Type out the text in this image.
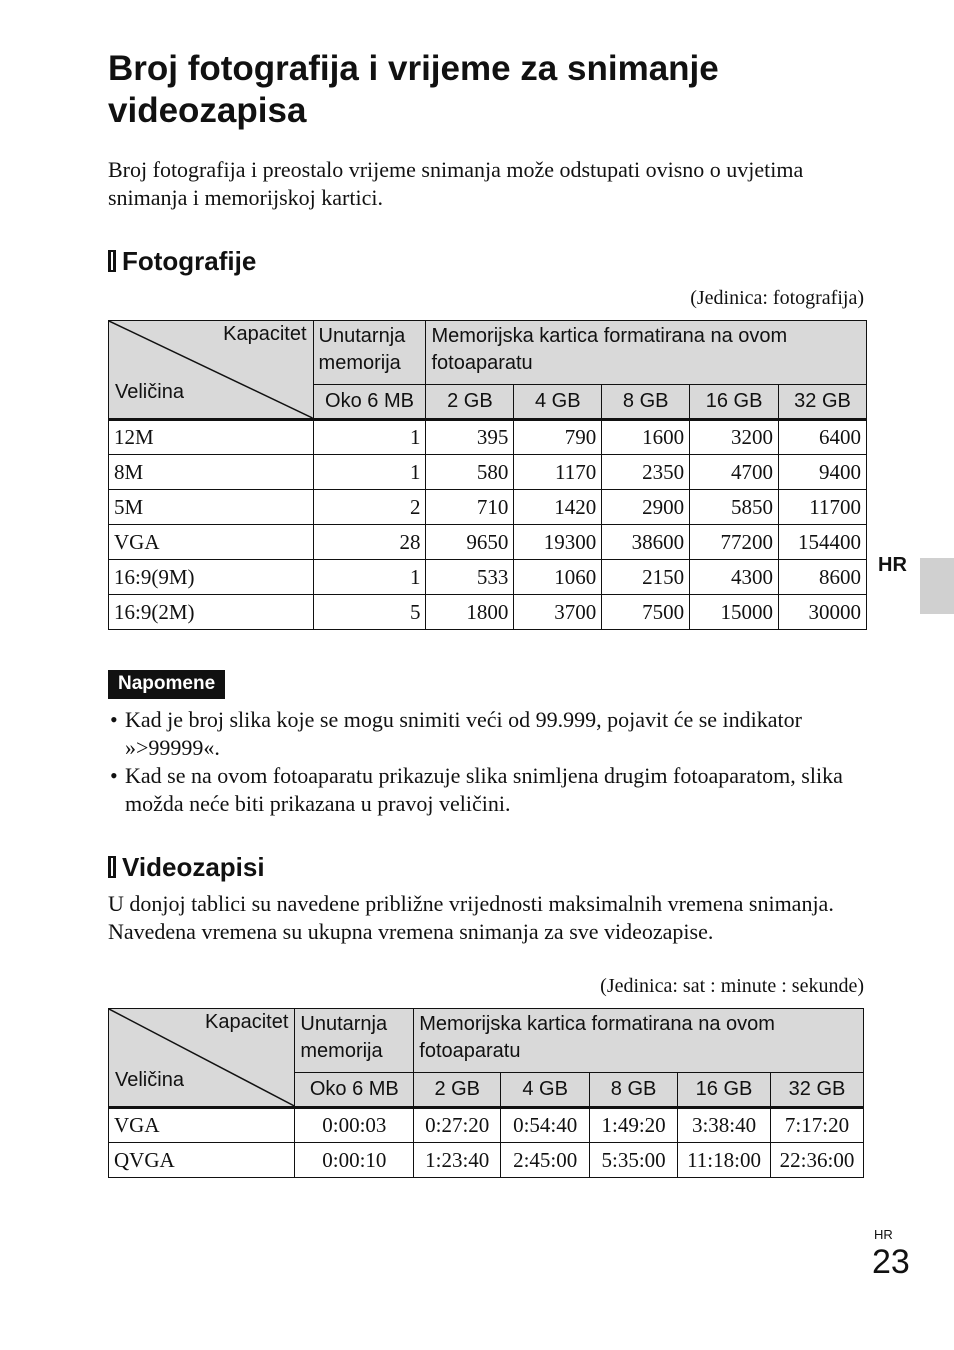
Broj fotografija i vrijeme za snimanje videozapisa

Broj fotografija i preostalo vrijeme snimanja može odstupati ovisno o uvjetima snimanja i memorijskoj kartici.

Fotografije
(Jedinica: fotografija)
Kapacitet
Veličina	Unutarnja memorija	Memorijska kartica formatirana na ovom fotoaparatu				
	Oko 6 MB	2 GB	4 GB	8 GB	16 GB	32 GB
12M	1	395	790	1600	3200	6400
8M	1	580	1170	2350	4700	9400
5M	2	710	1420	2900	5850	11700
VGA	28	9650	19300	38600	77200	154400
16:9(9M)	1	533	1060	2150	4300	8600
16:9(2M)	5	1800	3700	7500	15000	30000
Napomene
• Kad je broj slika koje se mogu snimiti veći od 99.999, pojavit će se indikator »>99999«.
• Kad se na ovom fotoaparatu prikazuje slika snimljena drugim fotoaparatom, slika možda neće biti prikazana u pravoj veličini.
Videozapisi

U donjoj tablici su navedene približne vrijednosti maksimalnih vremena snimanja. Navedena vremena su ukupna vremena snimanja za sve videozapise.

(Jedinica: sat : minute : sekunde)
Kapacitet
Veličina	Unutarnja memorija	Memorijska kartica formatirana na ovom fotoaparatu				
	Oko 6 MB	2 GB	4 GB	8 GB	16 GB	32 GB
VGA	0:00:03	0:27:20	0:54:40	1:49:20	3:38:40	7:17:20
QVGA	0:00:10	1:23:40	2:45:00	5:35:00	11:18:00	22:36:00
HR
HR
23
